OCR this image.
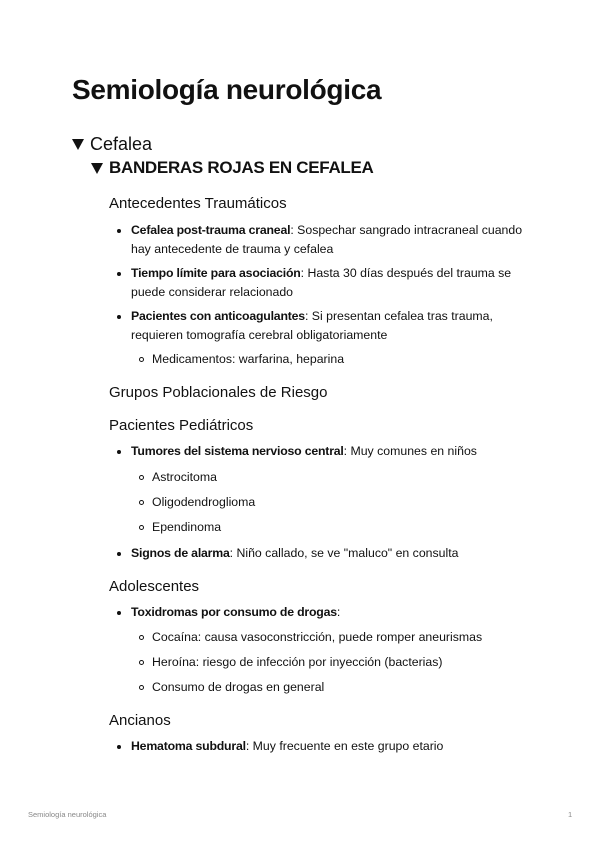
Semiología neurológica
Cefalea
BANDERAS ROJAS EN CEFALEA
Antecedentes Traumáticos
Cefalea post-trauma craneal: Sospechar sangrado intracraneal cuando hay antecedente de trauma y cefalea
Tiempo límite para asociación: Hasta 30 días después del trauma se puede considerar relacionado
Pacientes con anticoagulantes: Si presentan cefalea tras trauma, requieren tomografía cerebral obligatoriamente
Medicamentos: warfarina, heparina
Grupos Poblacionales de Riesgo
Pacientes Pediátricos
Tumores del sistema nervioso central: Muy comunes en niños
Astrocitoma
Oligodendroglioma
Ependinoma
Signos de alarma: Niño callado, se ve "maluco" en consulta
Adolescentes
Toxidromas por consumo de drogas:
Cocaína: causa vasoconstricción, puede romper aneurismas
Heroína: riesgo de infección por inyección (bacterias)
Consumo de drogas en general
Ancianos
Hematoma subdural: Muy frecuente en este grupo etario
Semiología neurológica	1
